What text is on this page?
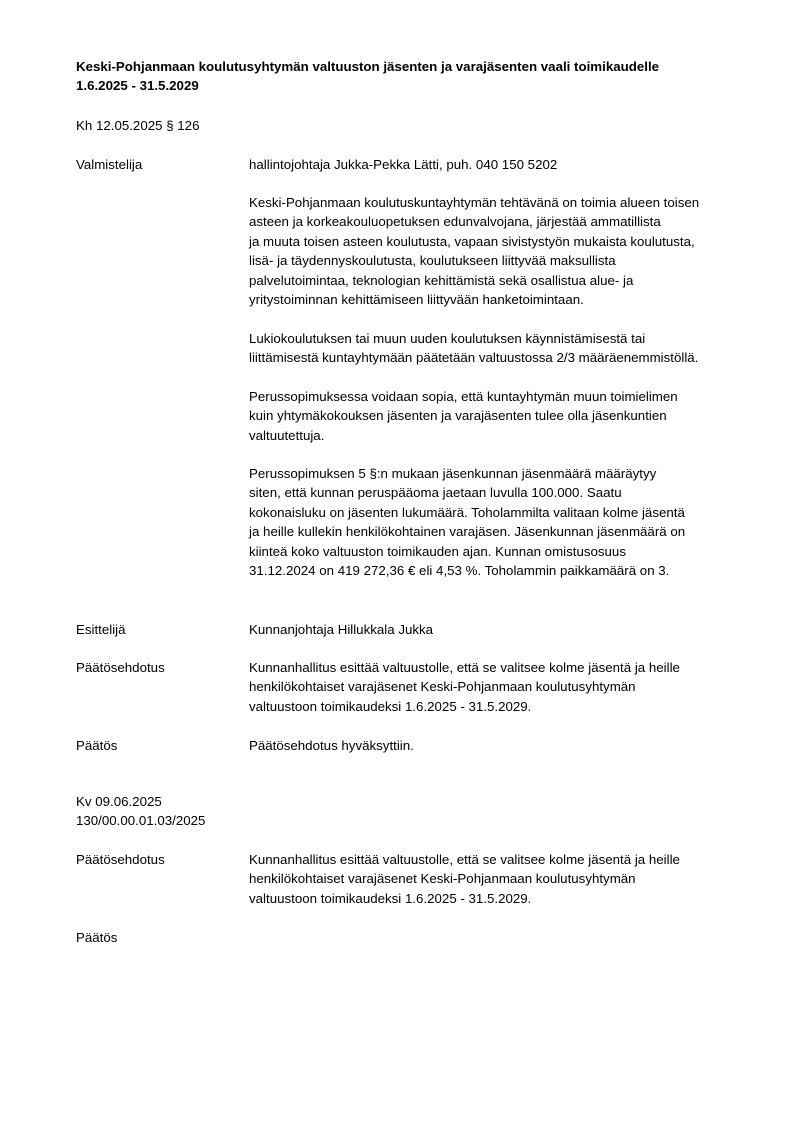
Keski-Pohjanmaan koulutusyhtymän valtuuston jäsenten ja varajäsenten vaali toimikaudelle
1.6.2025 - 31.5.2029
Kh 12.05.2025 § 126
Valmistelija	hallintojohtaja Jukka-Pekka Lätti, puh. 040 150 5202
Keski-Pohjanmaan koulutuskuntayhtymän tehtävänä on toimia alueen toisen
asteen ja korkeakouluopetuksen edunvalvojana, järjestää ammatillista
ja muuta toisen asteen koulutusta, vapaan sivistystyön mukaista koulutusta,
lisä- ja täydennyskoulutusta, koulutukseen liittyvää maksullista
palvelutoimintaa, teknologian kehittämistä sekä osallistua alue- ja
yritystoiminnan kehittämiseen liittyvään hanketoimintaan.
Lukiokoulutuksen tai muun uuden koulutuksen käynnistämisestä tai
liittämisestä kuntayhtymään päätetään valtuustossa 2/3 määräenemmistöllä.
Perussopimuksessa voidaan sopia, että kuntayhtymän muun toimielimen
kuin yhtymäkokouksen jäsenten ja varajäsenten tulee olla jäsenkuntien
valtuutettuja.
Perussopimuksen 5 §:n mukaan jäsenkunnan jäsenmäärä määräytyy
siten, että kunnan peruspääoma jaetaan luvulla 100.000. Saatu
kokonaisluku on jäsenten lukumäärä. Toholammilta valitaan kolme jäsentä
ja heille kullekin henkilökohtainen varajäsen. Jäsenkunnan jäsenmäärä on
kiinteä koko valtuuston toimikauden ajan. Kunnan omistusosuus
31.12.2024 on 419 272,36 € eli 4,53 %. Toholammin paikkamäärä on 3.
Esittelijä	Kunnanjohtaja Hillukkala Jukka
Päätösehdotus	Kunnanhallitus esittää valtuustolle, että se valitsee kolme jäsentä ja heille
henkilökohtaiset varajäsenet Keski-Pohjanmaan koulutusyhtymän
valtuustoon toimikaudeksi 1.6.2025 - 31.5.2029.
Päätös	Päätösehdotus hyväksyttiin.
Kv 09.06.2025
130/00.00.01.03/2025
Päätösehdotus	Kunnanhallitus esittää valtuustolle, että se valitsee kolme jäsentä ja heille
henkilökohtaiset varajäsenet Keski-Pohjanmaan koulutusyhtymän
valtuustoon toimikaudeksi 1.6.2025 - 31.5.2029.
Päätös
